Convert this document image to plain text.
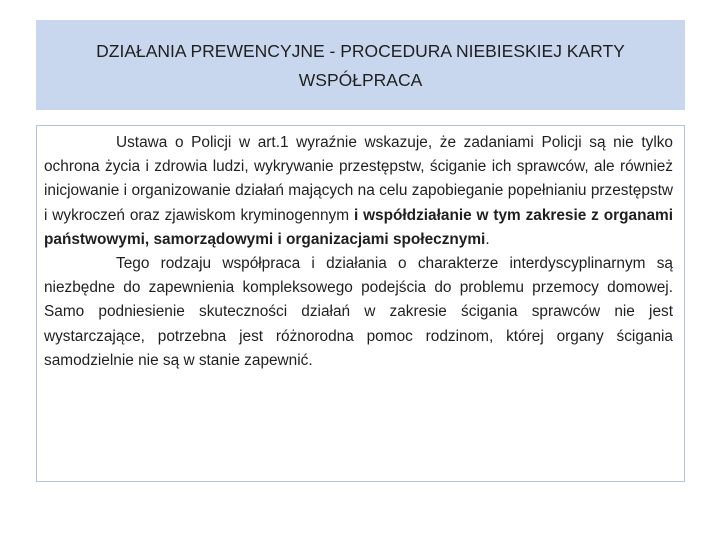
DZIAŁANIA PREWENCYJNE - PROCEDURA NIEBIESKIEJ KARTY
WSPÓŁPRACA

Ustawa o Policji w art.1 wyraźnie wskazuje, że zadaniami Policji są nie tylko ochrona życia i zdrowia ludzi, wykrywanie przestępstw, ściganie ich sprawców, ale również inicjowanie i organizowanie działań mających na celu zapobieganie popełnianiu przestępstw i wykroczeń oraz zjawiskom kryminogennym i współdziałanie w tym zakresie z organami państwowymi, samorządowymi i organizacjami społecznymi.

Tego rodzaju współpraca i działania o charakterze interdyscyplinarnym są niezbędne do zapewnienia kompleksowego podejścia do problemu przemocy domowej. Samo podniesienie skuteczności działań w zakresie ścigania sprawców nie jest wystarczające, potrzebna jest różnorodna pomoc rodzinom, której organy ścigania samodzielnie nie są w stanie zapewnić.
